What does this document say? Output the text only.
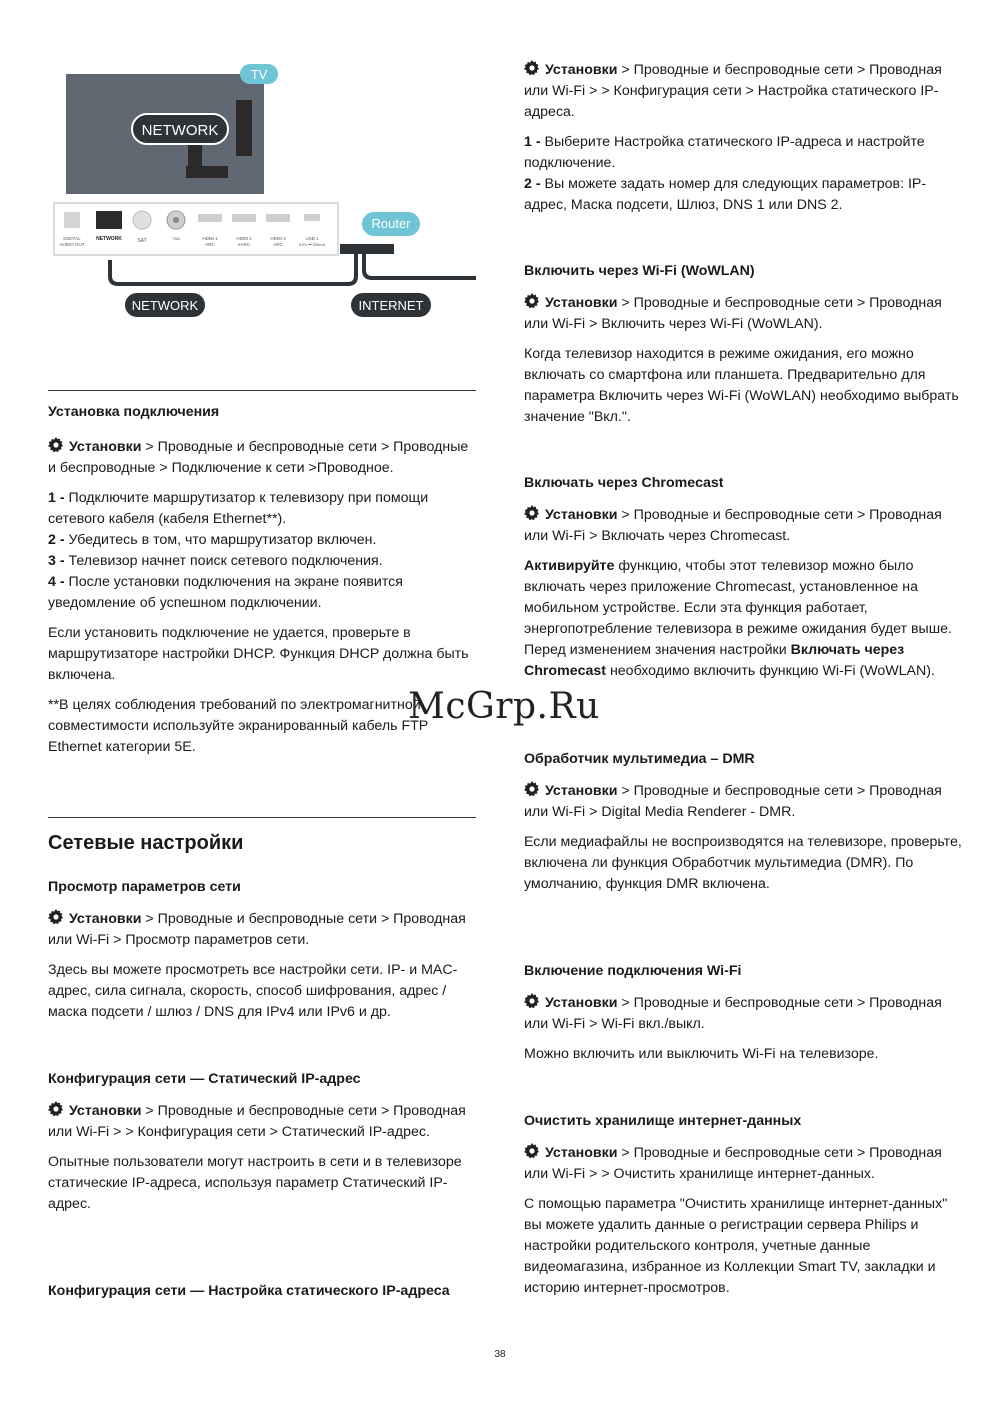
TV
NETWORK
DIGITAL
AUDIO OUT
NETWORK	SAT	75Ω	HDMI 1
ARC
HDMI 2
eARC
HDMI 3
ARC
USB 1
5.0V ⎓ 300mA
Router
NETWORK	INTERNET

Установка подключения

Установки > Проводные и беспроводные сети > Проводные и беспроводные > Подключение к сети >Проводное.

1 - Подключите маршрутизатор к телевизору при помощи сетевого кабеля (кабеля Ethernet**).

2 - Убедитесь в том, что маршрутизатор включен.

3 - Телевизор начнет поиск сетевого подключения.

4 - После установки подключения на экране появится уведомление об успешном подключении.

Если установить подключение не удается, проверьте в маршрутизаторе настройки DHCP. Функция DHCP должна быть включена.

**В целях соблюдения требований по электромагнитной совместимости используйте экранированный кабель FTP Ethernet категории 5E.

Сетевые настройки

Просмотр параметров сети

Установки > Проводные и беспроводные сети > Проводная или Wi-Fi > Просмотр параметров сети.

Здесь вы можете просмотреть все настройки сети. IP- и MAC-адрес, сила сигнала, скорость, способ шифрования, адрес / маска подсети / шлюз / DNS для IPv4 или IPv6 и др.

Конфигурация сети — Статический IP-адрес

Установки > Проводные и беспроводные сети > Проводная или Wi-Fi > > Конфигурация сети > Статический IP-адрес.

Опытные пользователи могут настроить в сети и в телевизоре статические IP-адреса, используя параметр Статический IP-адрес.

Конфигурация сети — Настройка статического IP-адреса

Установки > Проводные и беспроводные сети > Проводная или Wi-Fi > > Конфигурация сети > Настройка статического IP-адреса.

1 - Выберите Настройка статического IP-адреса и настройте подключение.

2 - Вы можете задать номер для следующих параметров: IP-адрес, Маска подсети, Шлюз, DNS 1 или DNS 2.

Включить через Wi-Fi (WoWLAN)

Установки > Проводные и беспроводные сети > Проводная или Wi-Fi > Включить через Wi-Fi (WoWLAN).

Когда телевизор находится в режиме ожидания, его можно включать со смартфона или планшета. Предварительно для параметра Включить через Wi-Fi (WoWLAN) необходимо выбрать значение "Вкл.".

Включать через Chromecast

Установки > Проводные и беспроводные сети > Проводная или Wi-Fi > Включать через Chromecast.

Активируйте функцию, чтобы этот телевизор можно было включать через приложение Chromecast, установленное на мобильном устройстве. Если эта функция работает, энергопотребление телевизора в режиме ожидания будет выше. Перед изменением значения настройки Включать через Chromecast необходимо включить функцию Wi-Fi (WoWLAN).

Обработчик мультимедиа – DMR

Установки > Проводные и беспроводные сети > Проводная или Wi-Fi > Digital Media Renderer - DMR.

Если медиафайлы не воспроизводятся на телевизоре, проверьте, включена ли функция Обработчик мультимедиа (DMR). По умолчанию, функция DMR включена.

Включение подключения Wi-Fi

Установки > Проводные и беспроводные сети > Проводная или Wi-Fi > Wi-Fi вкл./выкл.

Можно включить или выключить Wi-Fi на телевизоре.

Очистить хранилище интернет-данных

Установки > Проводные и беспроводные сети > Проводная или Wi-Fi > > Очистить хранилище интернет-данных.

С помощью параметра "Очистить хранилище интернет-данных" вы можете удалить данные о регистрации сервера Philips и настройки родительского контроля, учетные данные видеомагазина, избранное из Коллекции Smart TV, закладки и историю интернет-просмотров.

McGrp.Ru
38
